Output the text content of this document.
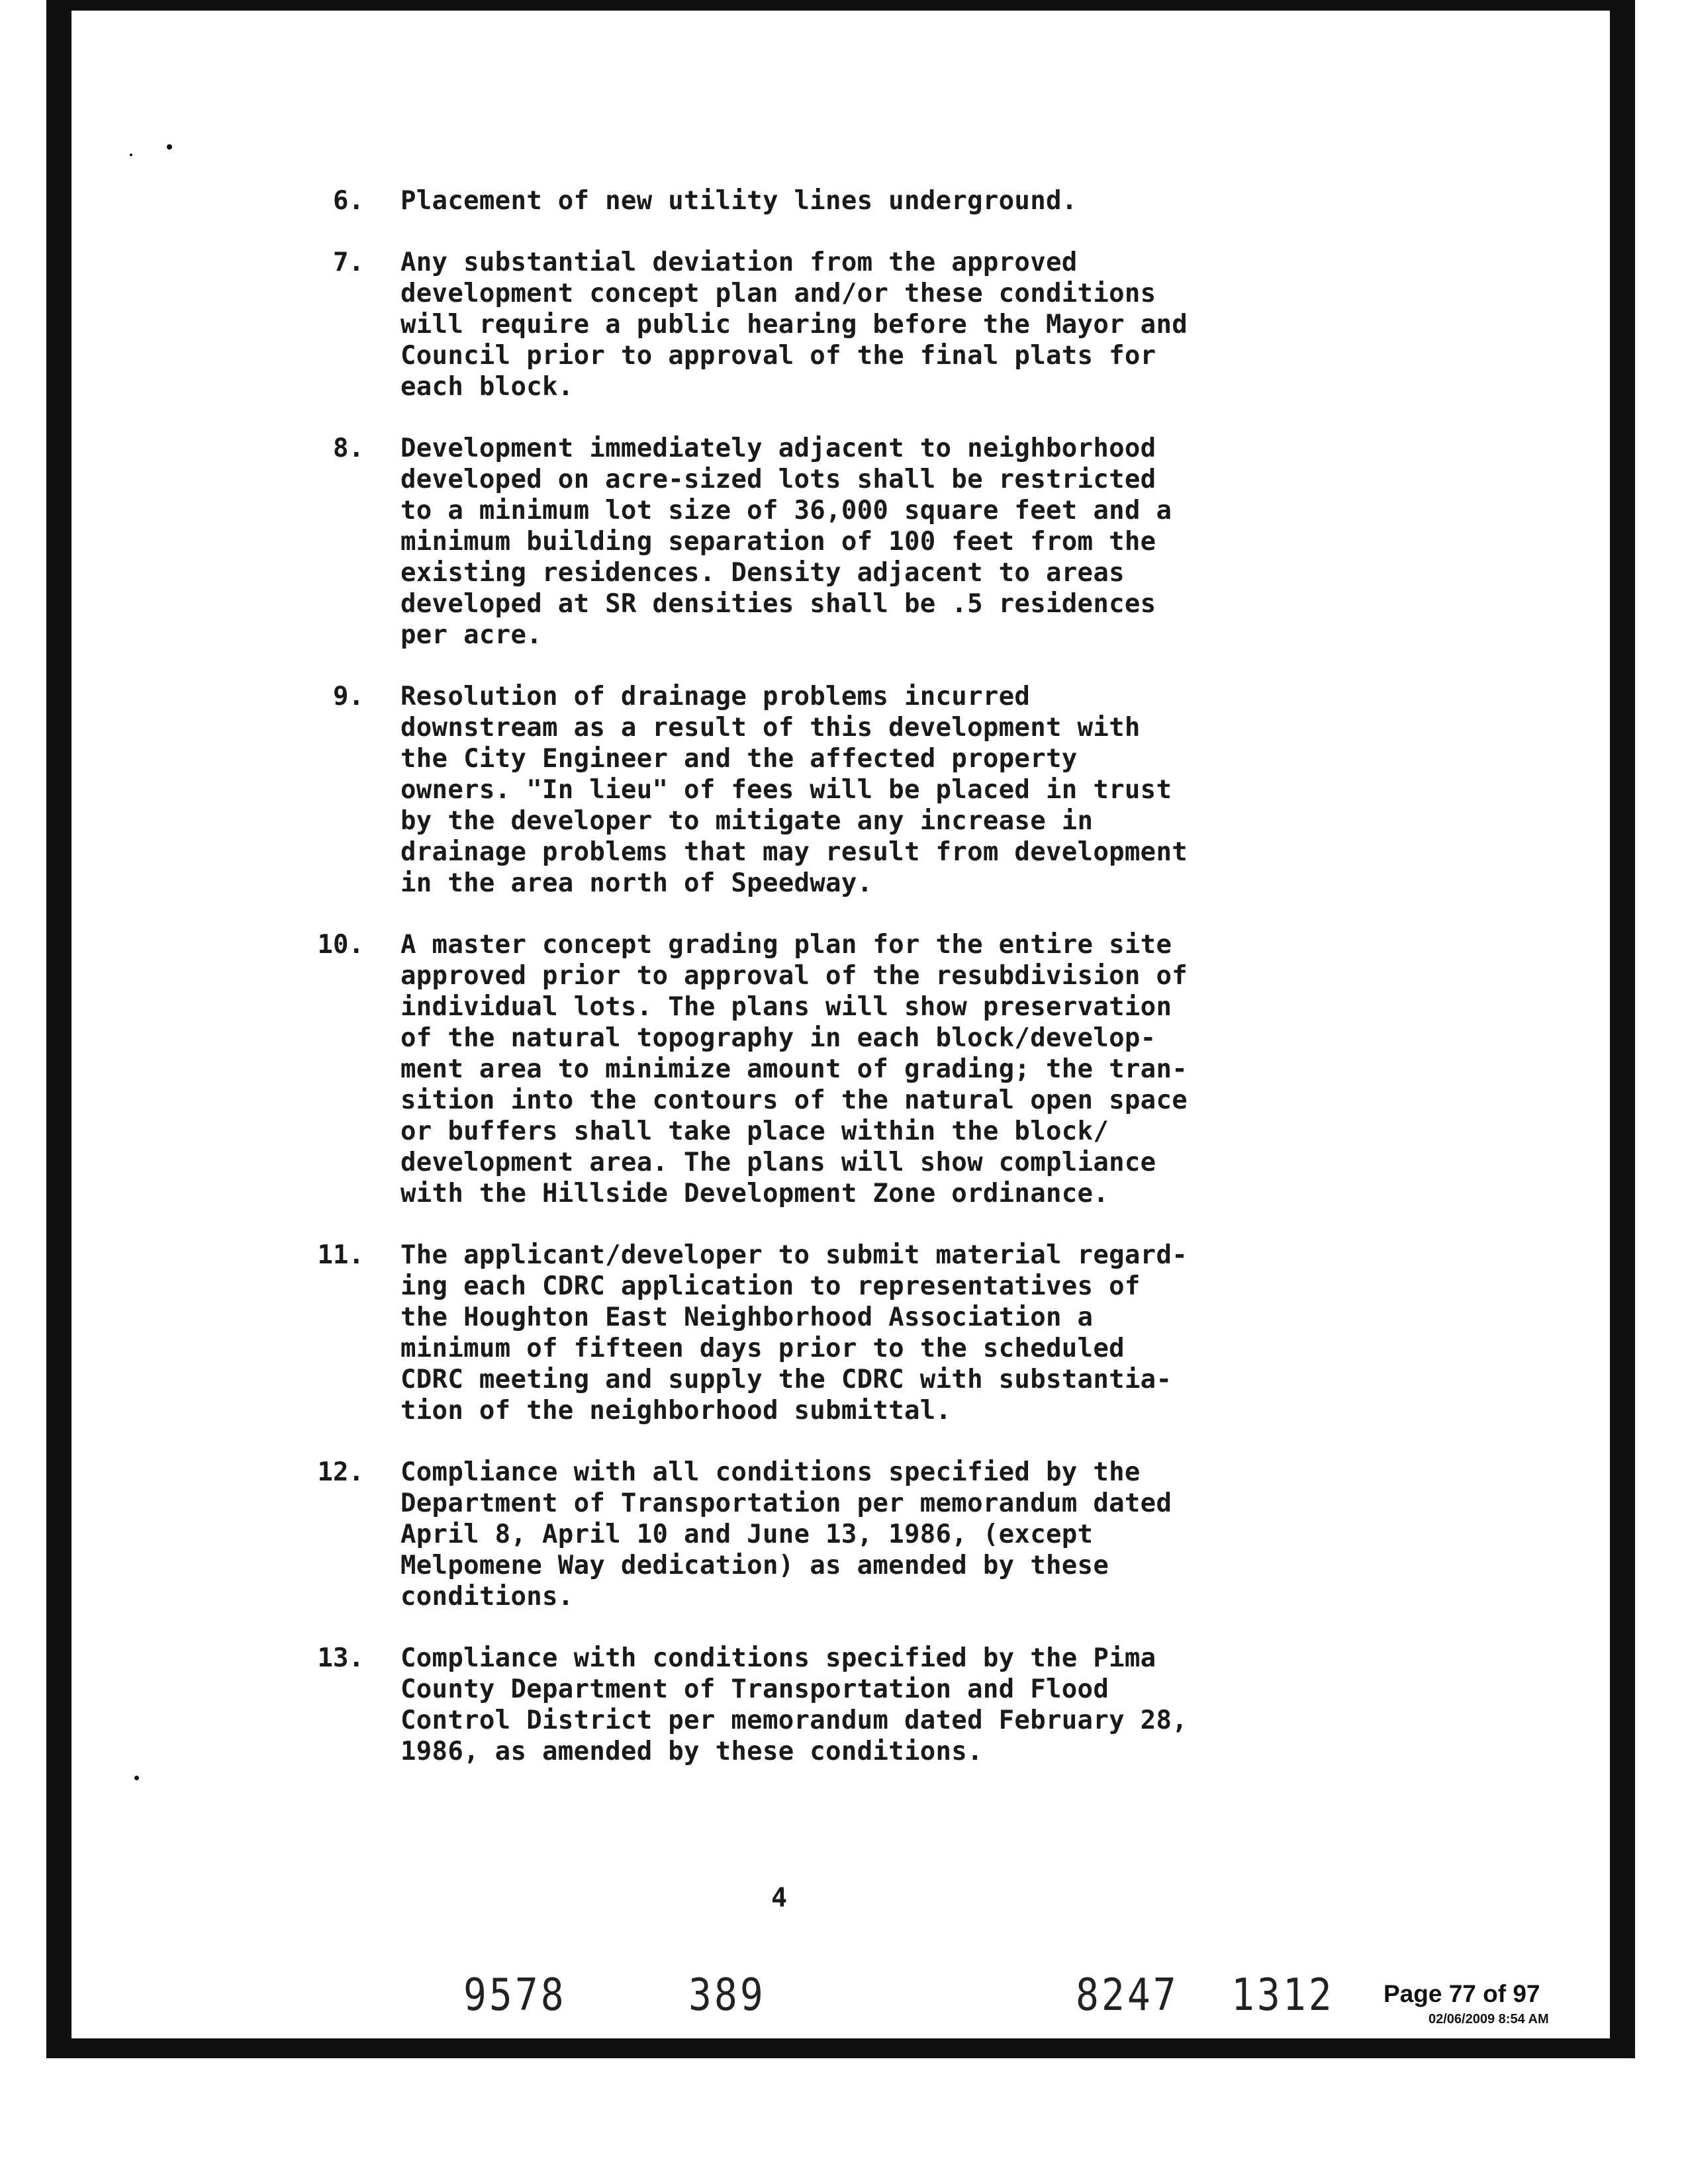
6.	Placement of new utility lines underground.
7.	Any substantial deviation from the approved
development concept plan and/or these conditions
will require a public hearing before the Mayor and
Council prior to approval of the final plats for
each block.
8.	Development immediately adjacent to neighborhood
developed on acre-sized lots shall be restricted
to a minimum lot size of 36,000 square feet and a
minimum building separation of 100 feet from the
existing residences. Density adjacent to areas
developed at SR densities shall be .5 residences
per acre.
9.	Resolution of drainage problems incurred
downstream as a result of this development with
the City Engineer and the affected property
owners. "In lieu" of fees will be placed in trust
by the developer to mitigate any increase in
drainage problems that may result from development
in the area north of Speedway.
10.	A master concept grading plan for the entire site
approved prior to approval of the resubdivision of
individual lots. The plans will show preservation
of the natural topography in each block/develop-
ment area to minimize amount of grading; the tran-
sition into the contours of the natural open space
or buffers shall take place within the block/
development area. The plans will show compliance
with the Hillside Development Zone ordinance.
11.	The applicant/developer to submit material regard-
ing each CDRC application to representatives of
the Houghton East Neighborhood Association a
minimum of fifteen days prior to the scheduled
CDRC meeting and supply the CDRC with substantia-
tion of the neighborhood submittal.
12.	Compliance with all conditions specified by the
Department of Transportation per memorandum dated
April 8, April 10 and June 13, 1986, (except
Melpomene Way dedication) as amended by these
conditions.
13.	Compliance with conditions specified by the Pima
County Department of Transportation and Flood
Control District per memorandum dated February 28,
1986, as amended by these conditions.
4
9578	389	8247 1312 Page 77 of 97
02/06/2009 8:54 AM
